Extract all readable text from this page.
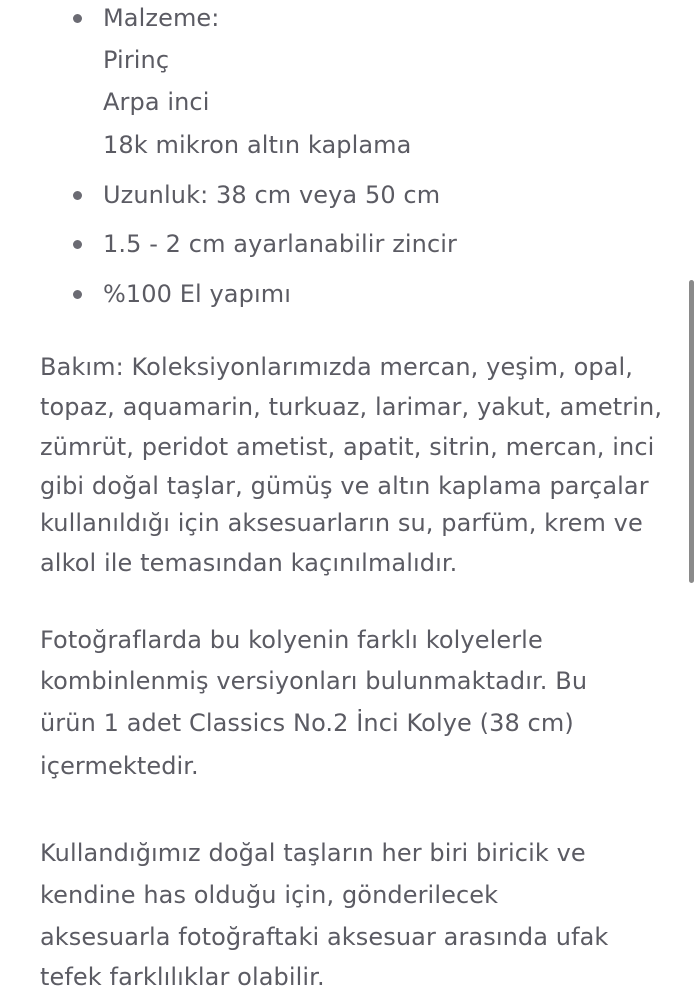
Malzeme:
Pirinç
Arpa inci
18k mikron altın kaplama
Uzunluk: 38 cm veya 50 cm
1.5 - 2 cm ayarlanabilir zincir
%100 El yapımı
Bakım: Koleksiyonlarımızda mercan, yeşim, opal,
topaz, aquamarin, turkuaz, larimar, yakut, ametrin,
zümrüt, peridot ametist, apatit, sitrin, mercan, inci
gibi doğal taşlar, gümüş ve altın kaplama parçalar
kullanıldığı için aksesuarların su, parfüm, krem ve
alkol ile temasından kaçınılmalıdır.
Fotoğraflarda bu kolyenin farklı kolyelerle
kombinlenmiş versiyonları bulunmaktadır. Bu
ürün 1 adet Classics No.2 İnci Kolye (38 cm)
içermektedir.
Kullandığımız doğal taşların her biri biricik ve
kendine has olduğu için, gönderilecek
aksesuarla fotoğraftaki aksesuar arasında ufak
tefek farklılıklar olabilir.
